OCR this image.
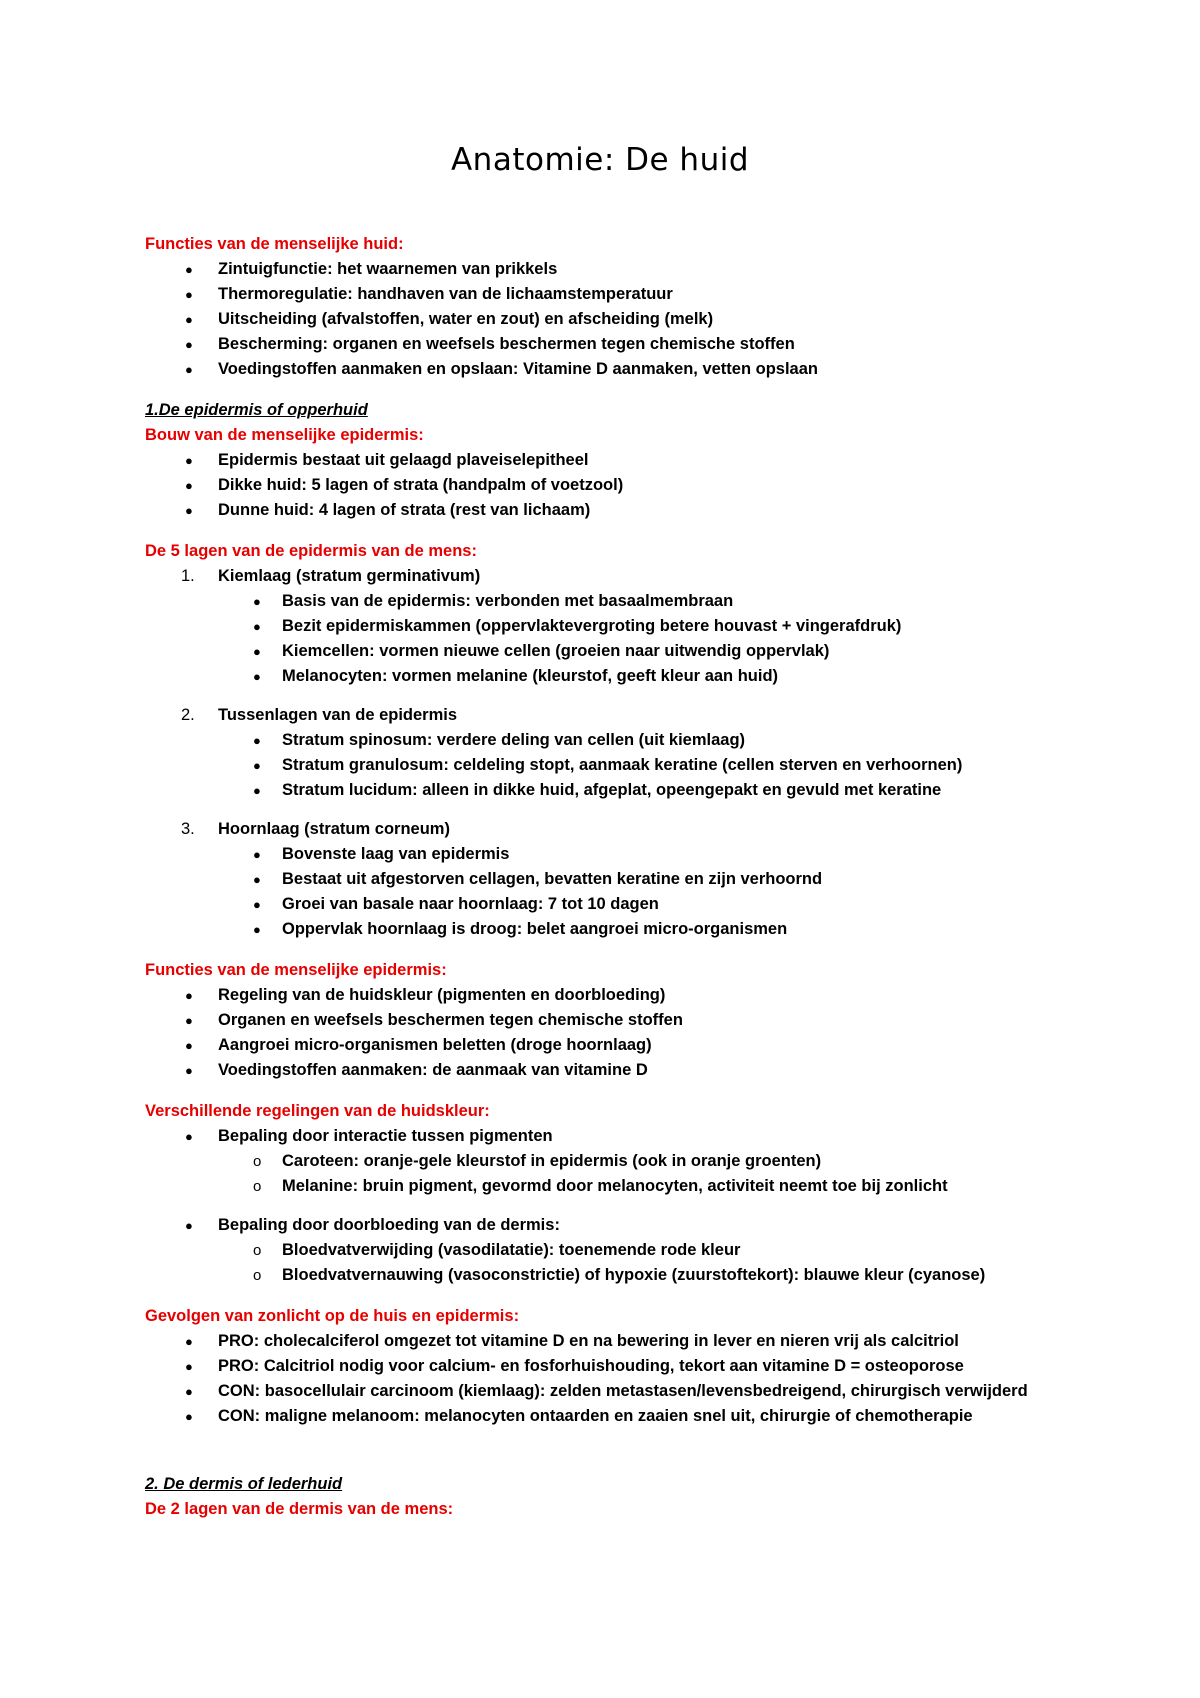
Anatomie: De huid
Functies van de menselijke huid:
● Zintuigfunctie: het waarnemen van prikkels
● Thermoregulatie: handhaven van de lichaamstemperatuur
● Uitscheiding (afvalstoffen, water en zout) en afscheiding (melk)
● Bescherming: organen en weefsels beschermen tegen chemische stoffen
● Voedingstoffen aanmaken en opslaan: Vitamine D aanmaken, vetten opslaan
1.De epidermis of opperhuid
Bouw van de menselijke epidermis:
● Epidermis bestaat uit gelaagd plaveiselepitheel
● Dikke huid: 5 lagen of strata (handpalm of voetzool)
● Dunne huid: 4 lagen of strata (rest van lichaam)
De 5 lagen van de epidermis van de mens:
1. Kiemlaag (stratum germinativum)
● Basis van de epidermis: verbonden met basaalmembraan
● Bezit epidermiskammen (oppervlaktevergroting betere houvast + vingerafdruk)
● Kiemcellen: vormen nieuwe cellen (groeien naar uitwendig oppervlak)
● Melanocyten: vormen melanine (kleurstof, geeft kleur aan huid)
2. Tussenlagen van de epidermis
● Stratum spinosum: verdere deling van cellen (uit kiemlaag)
● Stratum granulosum: celdeling stopt, aanmaak keratine (cellen sterven en verhoornen)
● Stratum lucidum: alleen in dikke huid, afgeplat, opeengepakt en gevuld met keratine
3. Hoornlaag (stratum corneum)
● Bovenste laag van epidermis
● Bestaat uit afgestorven cellagen, bevatten keratine en zijn verhoornd
● Groei van basale naar hoornlaag: 7 tot 10 dagen
● Oppervlak hoornlaag is droog: belet aangroei micro-organismen
Functies van de menselijke epidermis:
● Regeling van de huidskleur (pigmenten en doorbloeding)
● Organen en weefsels beschermen tegen chemische stoffen
● Aangroei micro-organismen beletten (droge hoornlaag)
● Voedingstoffen aanmaken: de aanmaak van vitamine D
Verschillende regelingen van de huidskleur:
● Bepaling door interactie tussen pigmenten
o Caroteen: oranje-gele kleurstof in epidermis (ook in oranje groenten)
o Melanine: bruin pigment, gevormd door melanocyten, activiteit neemt toe bij zonlicht
● Bepaling door doorbloeding van de dermis:
o Bloedvatverwijding (vasodilatatie): toenemende rode kleur
o Bloedvatvernauwing (vasoconstrictie) of hypoxie (zuurstoftekort): blauwe kleur (cyanose)
Gevolgen van zonlicht op de huis en epidermis:
● PRO: cholecalciferol omgezet tot vitamine D en na bewering in lever en nieren vrij als calcitriol
● PRO: Calcitriol nodig voor calcium- en fosforhuishouding, tekort aan vitamine D = osteoporose
● CON: basocellulair carcinoom (kiemlaag): zelden metastasen/levensbedreigend, chirurgisch verwijderd
● CON: maligne melanoom: melanocyten ontaarden en zaaien snel uit, chirurgie of chemotherapie
2. De dermis of lederhuid
De 2 lagen van de dermis van de mens:
